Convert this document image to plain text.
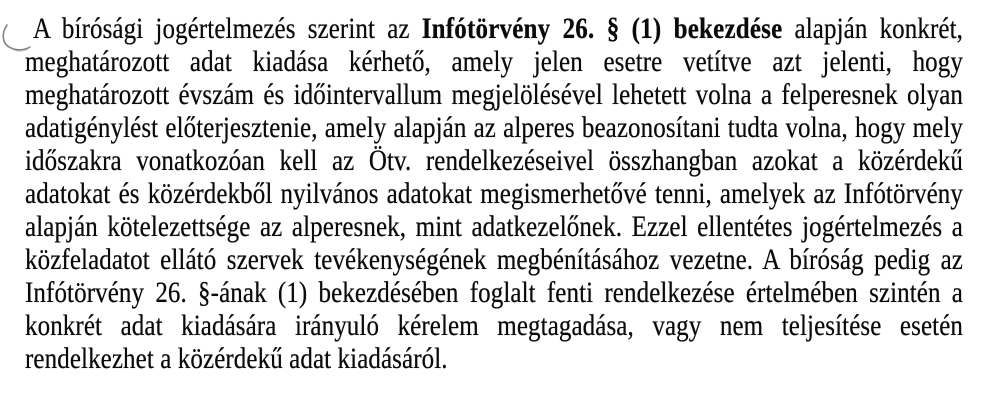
A bírósági jogértelmezés szerint az Infótörvény 26. § (1) bekezdése alapján konkrét,
meghatározott adat kiadása kérhető, amely jelen esetre vetítve azt jelenti, hogy
meghatározott évszám és időintervallum megjelölésével lehetett volna a felperesnek olyan
adatigénylést előterjesztenie, amely alapján az alperes beazonosítani tudta volna, hogy mely
időszakra vonatkozóan kell az Ötv. rendelkezéseivel összhangban azokat a közérdekű
adatokat és közérdekből nyilvános adatokat megismerhetővé tenni, amelyek az Infótörvény
alapján kötelezettsége az alperesnek, mint adatkezelőnek. Ezzel ellentétes jogértelmezés a
közfeladatot ellátó szervek tevékenységének megbénításához vezetne. A bíróság pedig az
Infótörvény 26. §-ának (1) bekezdésében foglalt fenti rendelkezése értelmében szintén a
konkrét adat kiadására irányuló kérelem megtagadása, vagy nem teljesítése esetén
rendelkezhet a közérdekű adat kiadásáról.
